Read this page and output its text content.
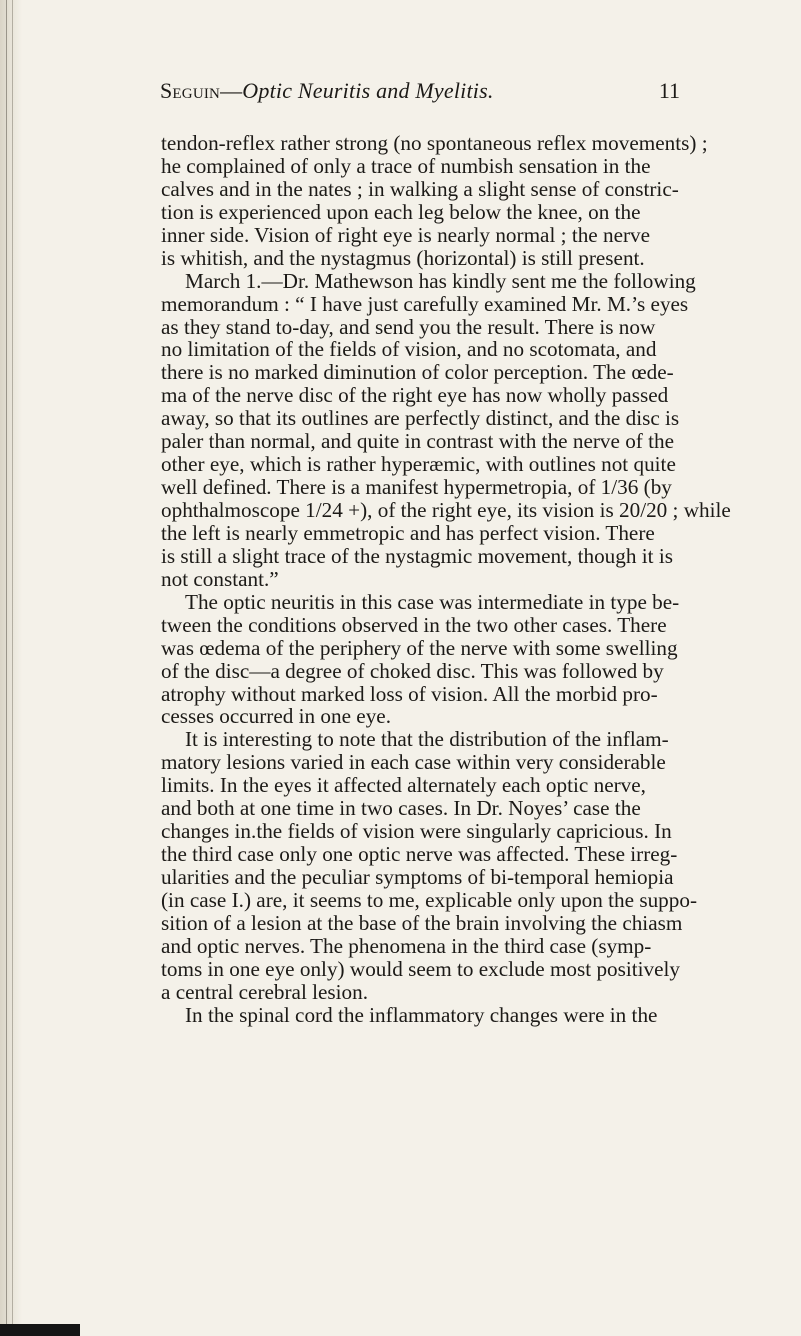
Seguin—Optic Neuritis and Myelitis.	11
tendon-reflex rather strong (no spontaneous reflex movements) ;
he complained of only a trace of numbish sensation in the
calves and in the nates ; in walking a slight sense of constric-
tion is experienced upon each leg below the knee, on the
inner side. Vision of right eye is nearly normal ; the nerve
is whitish, and the nystagmus (horizontal) is still present.
March 1.—Dr. Mathewson has kindly sent me the following
memorandum : “ I have just carefully examined Mr. M.’s eyes
as they stand to-day, and send you the result. There is now
no limitation of the fields of vision, and no scotomata, and
there is no marked diminution of color perception. The œde-
ma of the nerve disc of the right eye has now wholly passed
away, so that its outlines are perfectly distinct, and the disc is
paler than normal, and quite in contrast with the nerve of the
other eye, which is rather hyperæmic, with outlines not quite
well defined. There is a manifest hypermetropia, of 1/36 (by
ophthalmoscope 1/24 +), of the right eye, its vision is 20/20 ; while
the left is nearly emmetropic and has perfect vision. There
is still a slight trace of the nystagmic movement, though it is
not constant.”
The optic neuritis in this case was intermediate in type be-
tween the conditions observed in the two other cases. There
was œdema of the periphery of the nerve with some swelling
of the disc—a degree of choked disc. This was followed by
atrophy without marked loss of vision. All the morbid pro-
cesses occurred in one eye.
It is interesting to note that the distribution of the inflam-
matory lesions varied in each case within very considerable
limits. In the eyes it affected alternately each optic nerve,
and both at one time in two cases. In Dr. Noyes’ case the
changes in.the fields of vision were singularly capricious. In
the third case only one optic nerve was affected. These irreg-
ularities and the peculiar symptoms of bi-temporal hemiopia
(in case I.) are, it seems to me, explicable only upon the suppo-
sition of a lesion at the base of the brain involving the chiasm
and optic nerves. The phenomena in the third case (symp-
toms in one eye only) would seem to exclude most positively
a central cerebral lesion.
In the spinal cord the inflammatory changes were in the
